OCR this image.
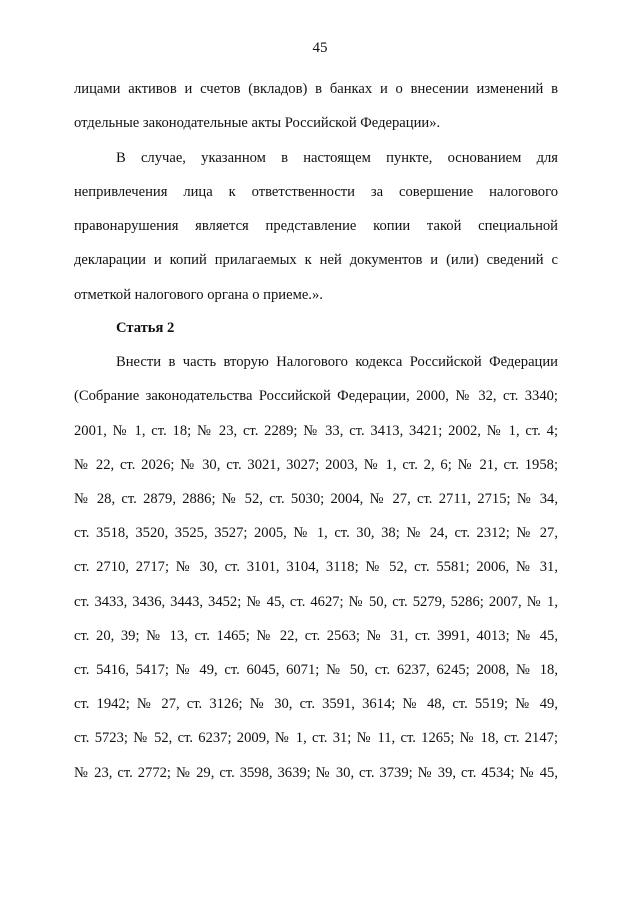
45
лицами активов и счетов (вкладов) в банках и о внесении изменений в
отдельные законодательные акты Российской Федерации».
В случае, указанном в настоящем пункте, основанием для
непривлечения лица к ответственности за совершение налогового
правонарушения является представление копии такой специальной
декларации и копий прилагаемых к ней документов и (или) сведений с
отметкой налогового органа о приеме.».
Статья 2
Внести в часть вторую Налогового кодекса Российской Федерации
(Собрание законодательства Российской Федерации, 2000, № 32, ст. 3340;
2001, № 1, ст. 18; № 23, ст. 2289; № 33, ст. 3413, 3421; 2002, № 1, ст. 4;
№ 22, ст. 2026; № 30, ст. 3021, 3027; 2003, № 1, ст. 2, 6; № 21, ст. 1958;
№ 28, ст. 2879, 2886; № 52, ст. 5030; 2004, № 27, ст. 2711, 2715; № 34,
ст. 3518, 3520, 3525, 3527; 2005, № 1, ст. 30, 38; № 24, ст. 2312; № 27,
ст. 2710, 2717; № 30, ст. 3101, 3104, 3118; № 52, ст. 5581; 2006, № 31,
ст. 3433, 3436, 3443, 3452; № 45, ст. 4627; № 50, ст. 5279, 5286; 2007, № 1,
ст. 20, 39; № 13, ст. 1465; № 22, ст. 2563; № 31, ст. 3991, 4013; № 45,
ст. 5416, 5417; № 49, ст. 6045, 6071; № 50, ст. 6237, 6245; 2008, № 18,
ст. 1942; № 27, ст. 3126; № 30, ст. 3591, 3614; № 48, ст. 5519; № 49,
ст. 5723; № 52, ст. 6237; 2009, № 1, ст. 31; № 11, ст. 1265; № 18, ст. 2147;
№ 23, ст. 2772; № 29, ст. 3598, 3639; № 30, ст. 3739; № 39, ст. 4534; № 45,
